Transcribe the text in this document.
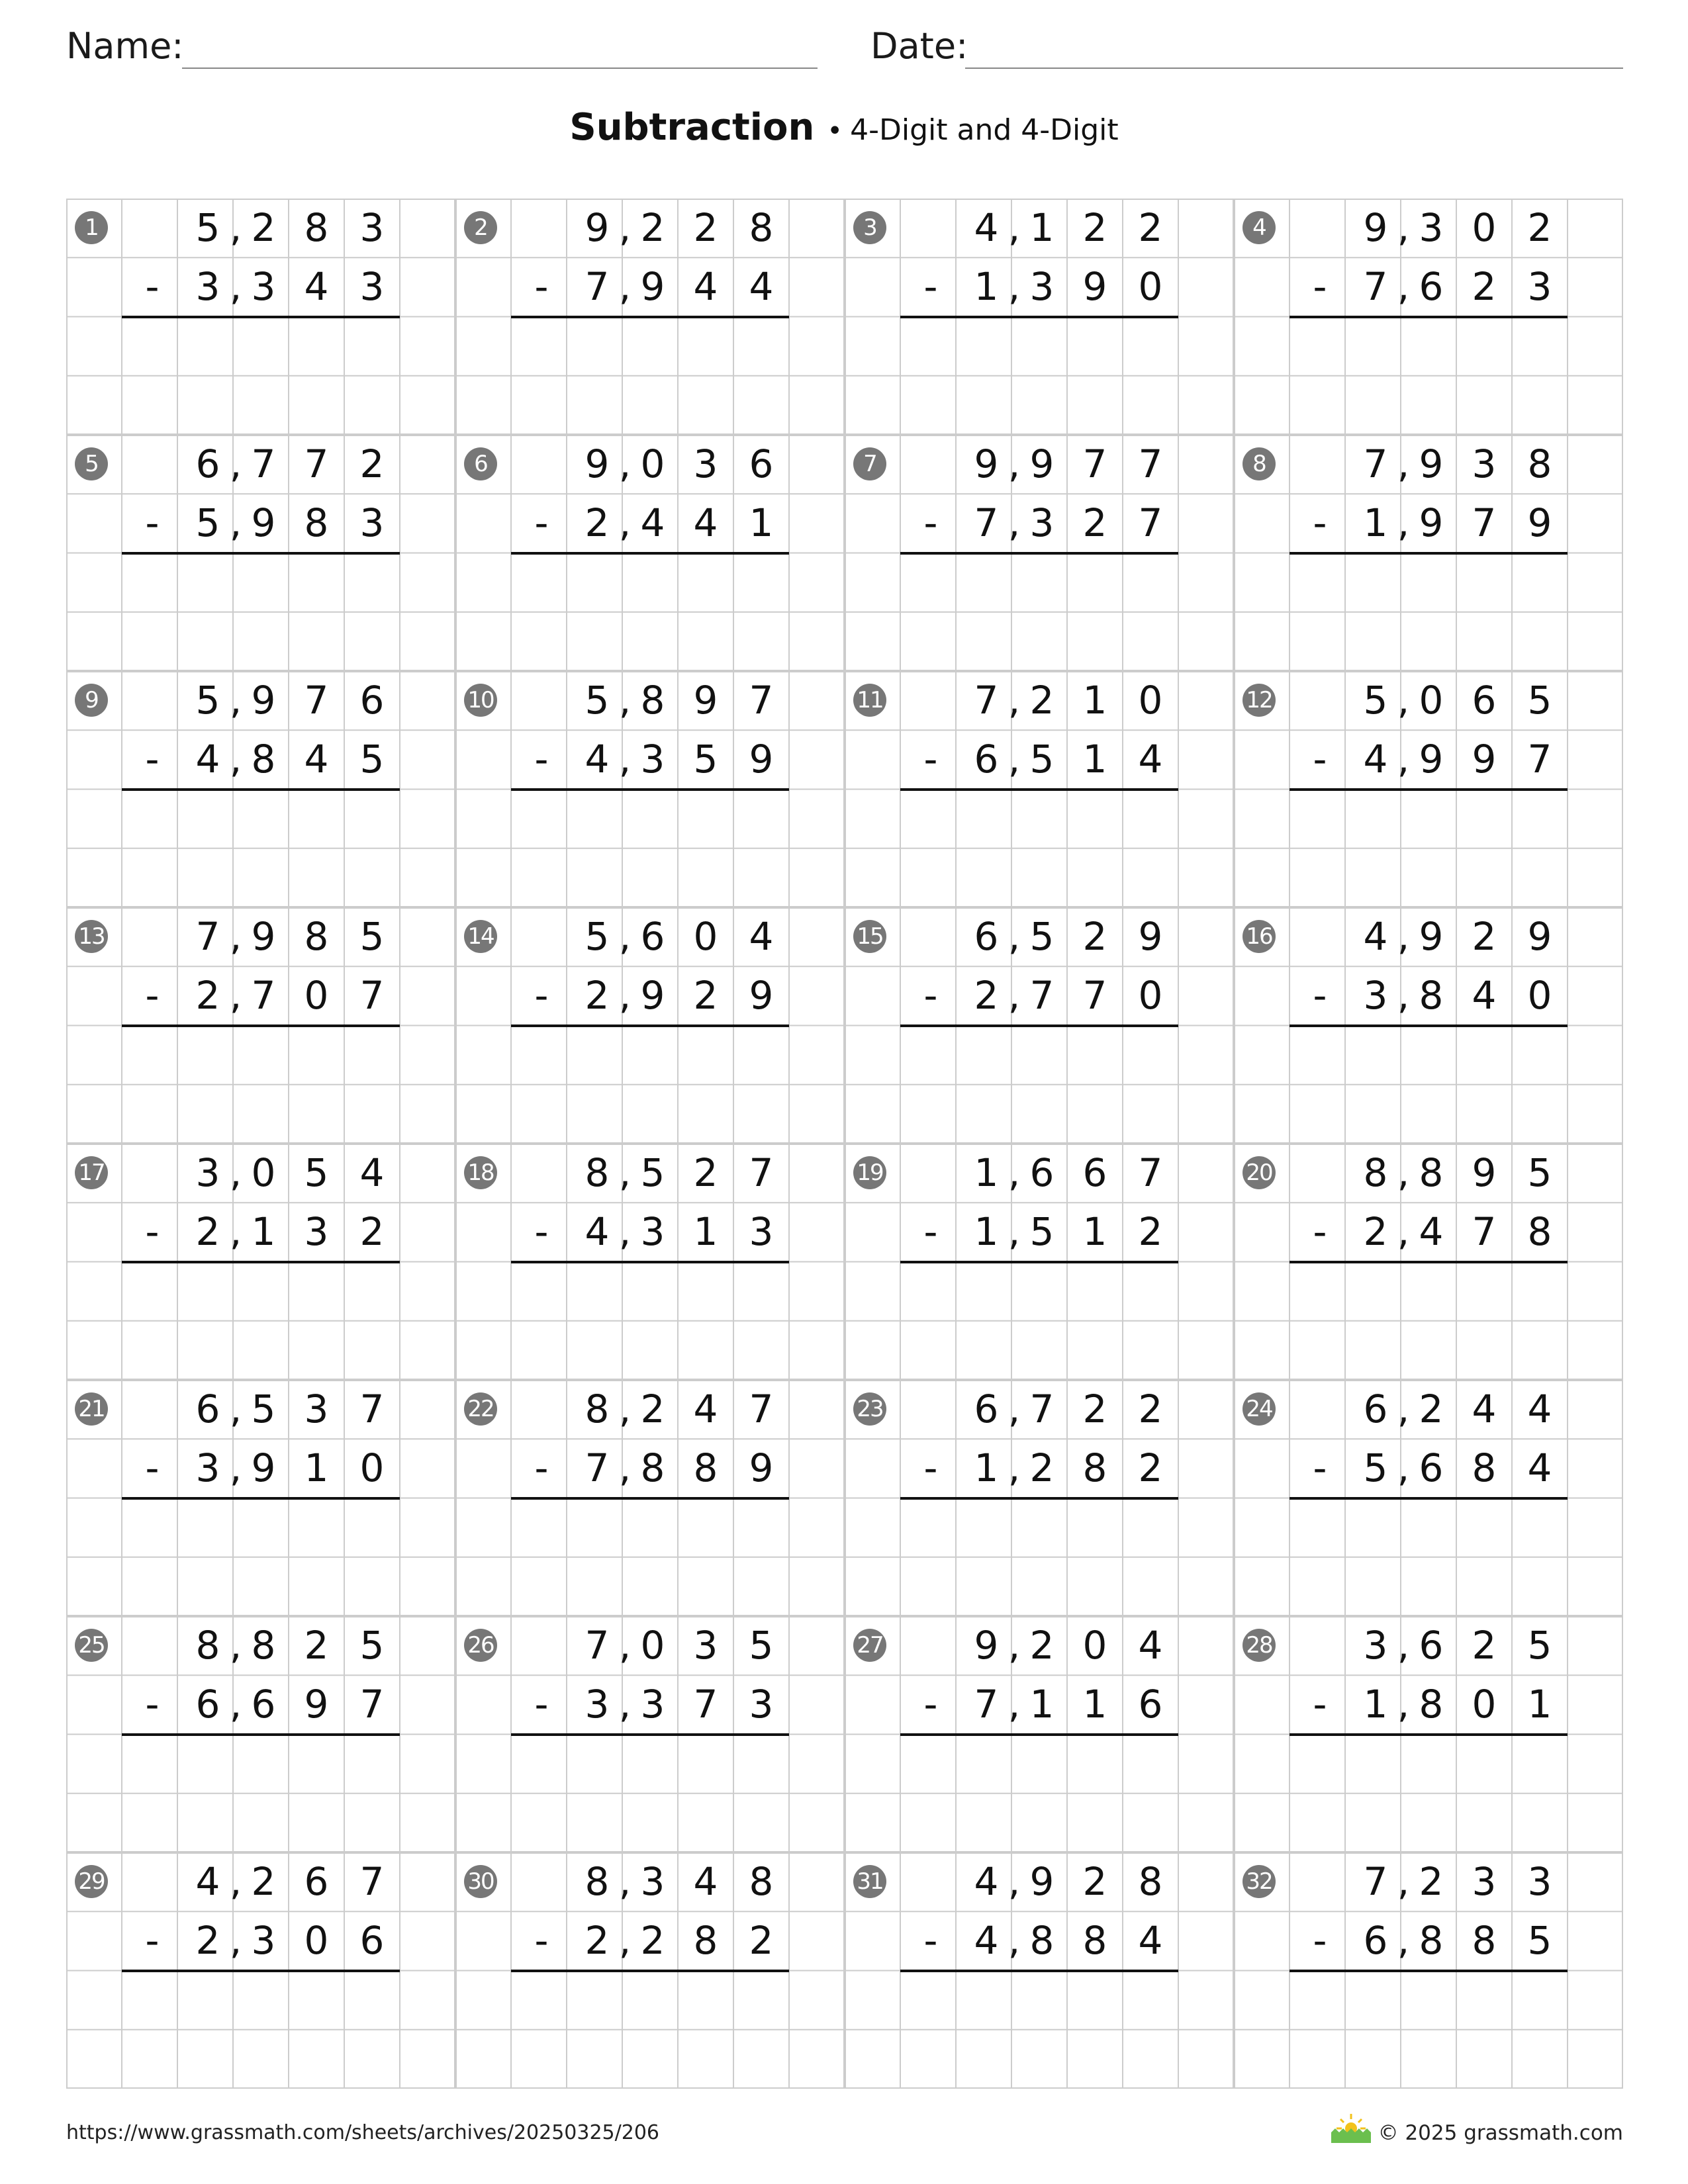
Name:	Date:
Subtraction • 4-Digit and 4-Digit
1	5 , 2 8 3
- 3 , 3 4 3
2	9 , 2 2 8
- 7 , 9 4 4
3	4 , 1 2 2
- 1 , 3 9 0
4	9 , 3 0 2
- 7 , 6 2 3
5	6 , 7 7 2
- 5 , 9 8 3
6	9 , 0 3 6
- 2 , 4 4 1
7	9 , 9 7 7
- 7 , 3 2 7
8	7 , 9 3 8
- 1 , 9 7 9
9	5 , 9 7 6
- 4 , 8 4 5
10	5 , 8 9 7
- 4 , 3 5 9
11	7 , 2 1 0
- 6 , 5 1 4
12	5 , 0 6 5
- 4 , 9 9 7
13	7 , 9 8 5
- 2 , 7 0 7
14	5 , 6 0 4
- 2 , 9 2 9
15	6 , 5 2 9
- 2 , 7 7 0
16	4 , 9 2 9
- 3 , 8 4 0
17	3 , 0 5 4
- 2 , 1 3 2
18	8 , 5 2 7
- 4 , 3 1 3
19	1 , 6 6 7
- 1 , 5 1 2
20	8 , 8 9 5
- 2 , 4 7 8
21	6 , 5 3 7
- 3 , 9 1 0
22	8 , 2 4 7
- 7 , 8 8 9
23	6 , 7 2 2
- 1 , 2 8 2
24	6 , 2 4 4
- 5 , 6 8 4
25	8 , 8 2 5
- 6 , 6 9 7
26	7 , 0 3 5
- 3 , 3 7 3
27	9 , 2 0 4
- 7 , 1 1 6
28	3 , 6 2 5
- 1 , 8 0 1
29	4 , 2 6 7
- 2 , 3 0 6
30	8 , 3 4 8
- 2 , 2 8 2
31	4 , 9 2 8
- 4 , 8 8 4
32	7 , 2 3 3
- 6 , 8 8 5
https://www.grassmath.com/sheets/archives/20250325/206	© 2025 grassmath.com
